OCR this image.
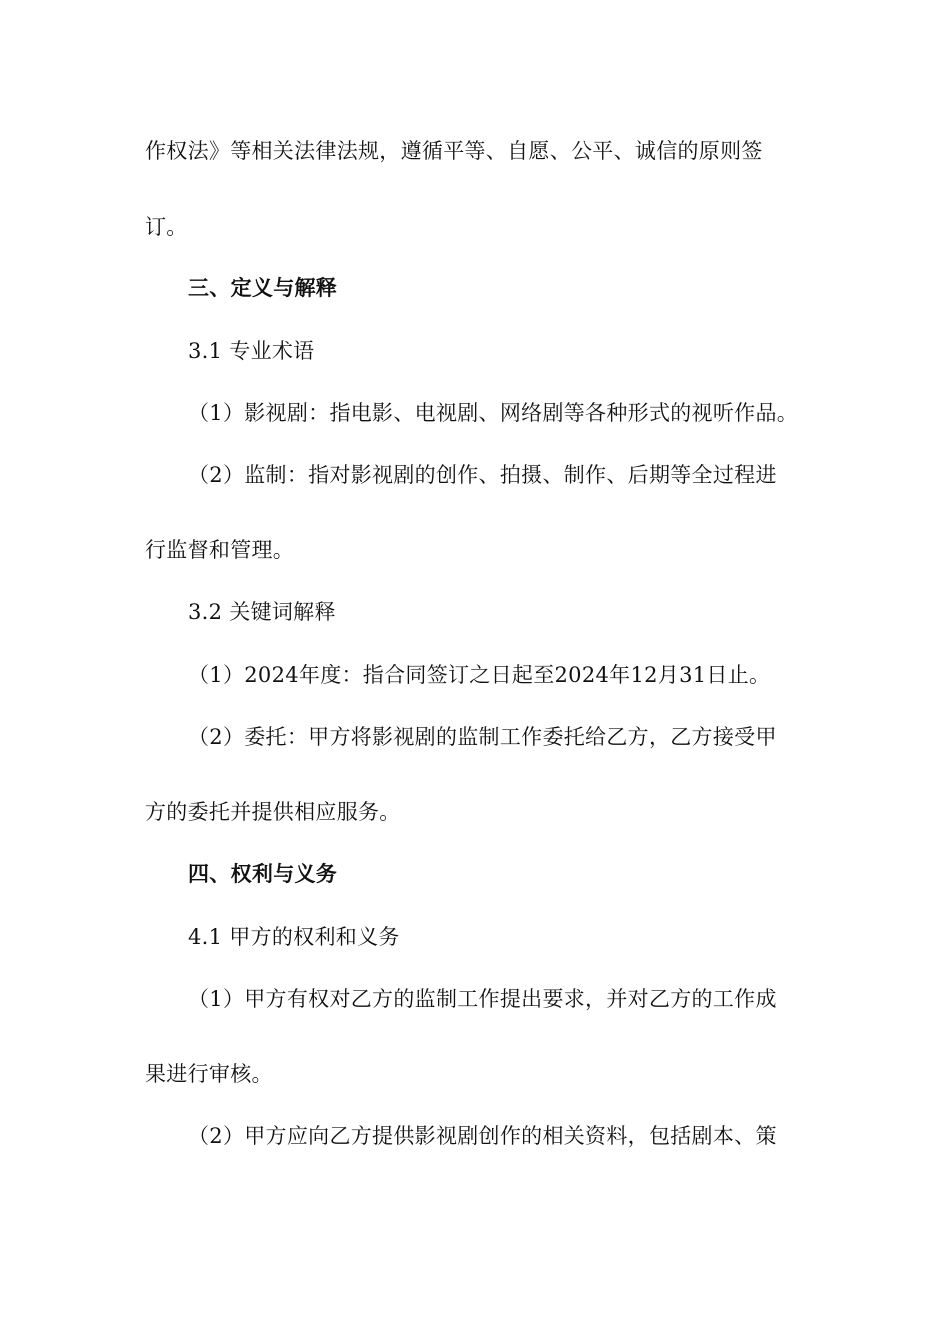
作权法》等相关法律法规，遵循平等、自愿、公平、诚信的原则签
订。
三、定义与解释
3.1 专业术语
（1）影视剧：指电影、电视剧、网络剧等各种形式的视听作品。
（2）监制：指对影视剧的创作、拍摄、制作、后期等全过程进
行监督和管理。
3.2 关键词解释
（1）2024年度：指合同签订之日起至2024年12月31日止。
（2）委托：甲方将影视剧的监制工作委托给乙方，乙方接受甲
方的委托并提供相应服务。
四、权利与义务
4.1 甲方的权利和义务
（1）甲方有权对乙方的监制工作提出要求，并对乙方的工作成
果进行审核。
（2）甲方应向乙方提供影视剧创作的相关资料，包括剧本、策
